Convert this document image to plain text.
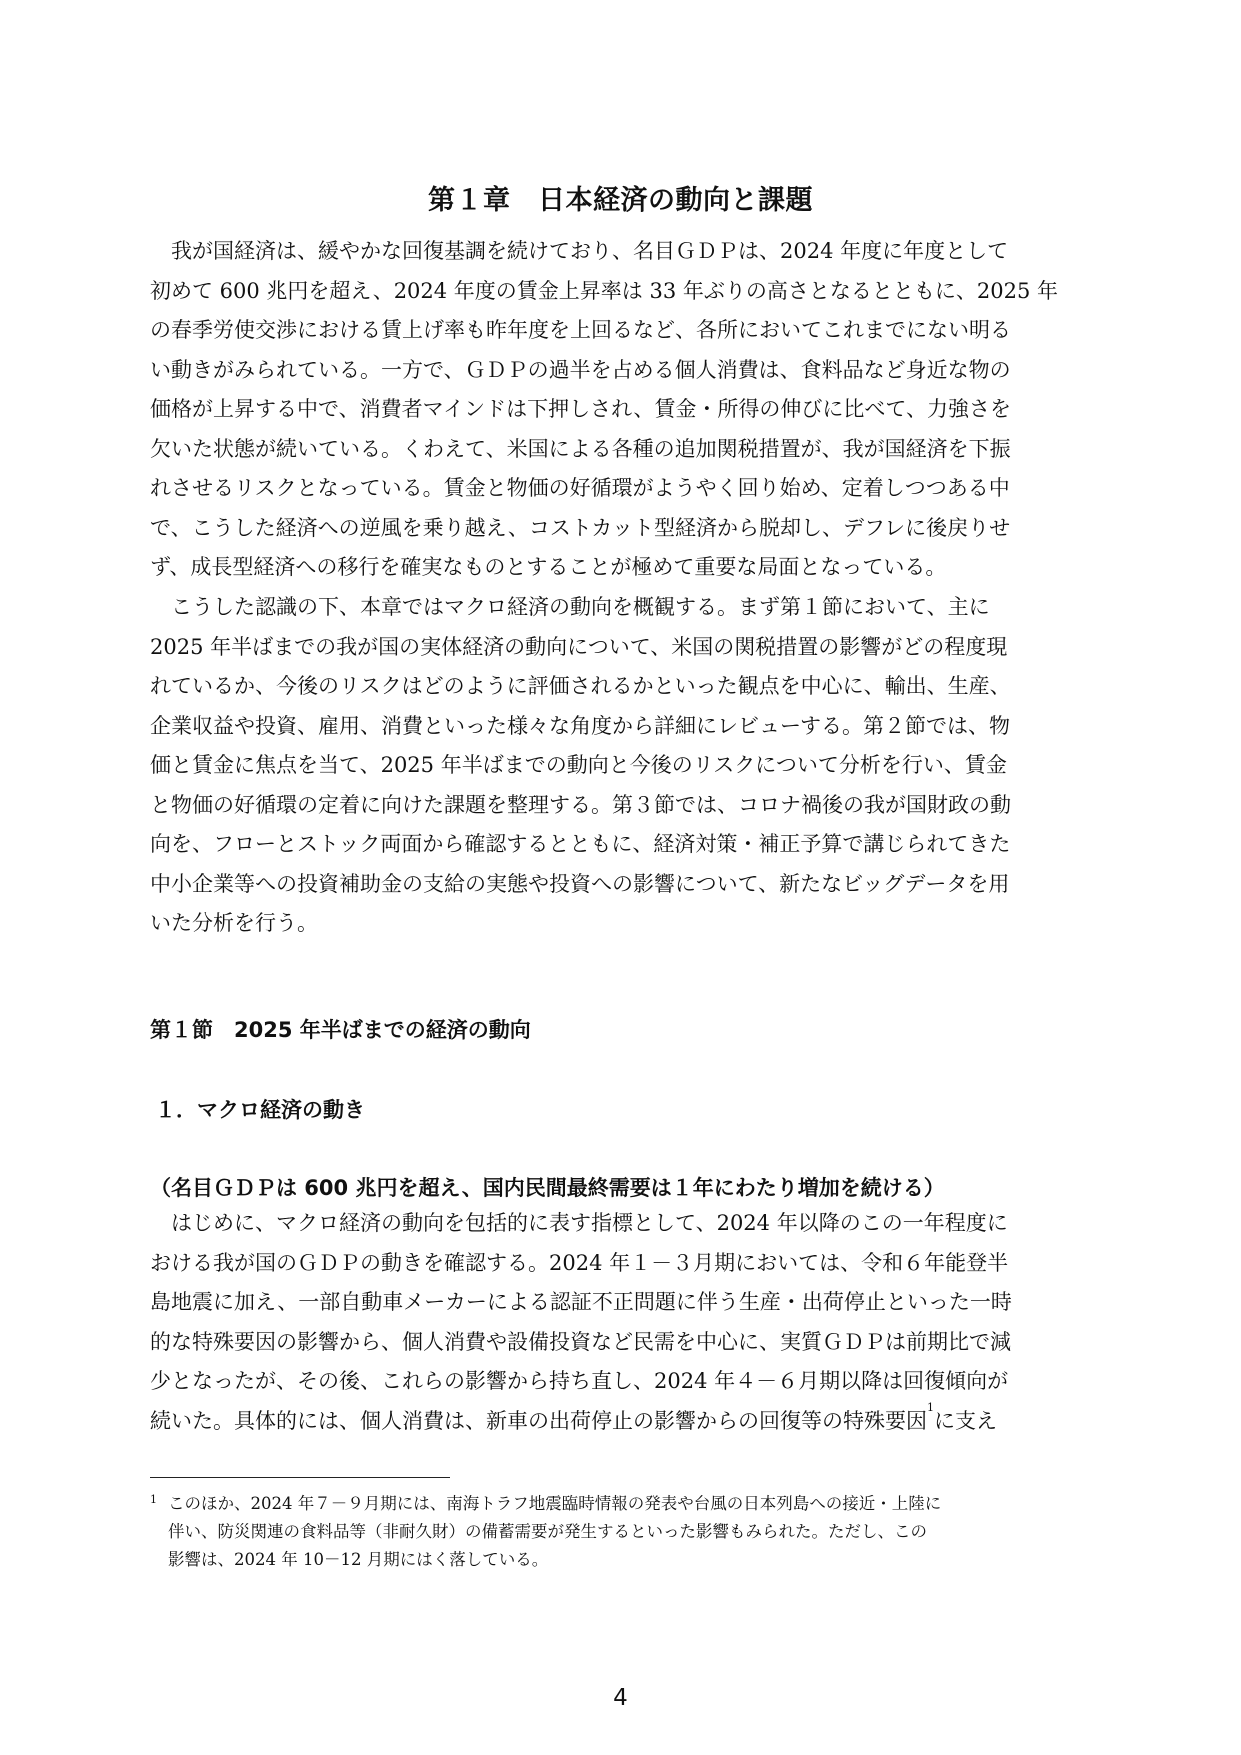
第１章　日本経済の動向と課題

　我が国経済は、緩やかな回復基調を続けており、名目ＧＤＰは、2024 年度に年度として
初めて 600 兆円を超え、2024 年度の賃金上昇率は 33 年ぶりの高さとなるとともに、2025 年
の春季労使交渉における賃上げ率も昨年度を上回るなど、各所においてこれまでにない明る
い動きがみられている。一方で、ＧＤＰの過半を占める個人消費は、食料品など身近な物の
価格が上昇する中で、消費者マインドは下押しされ、賃金・所得の伸びに比べて、力強さを
欠いた状態が続いている。くわえて、米国による各種の追加関税措置が、我が国経済を下振
れさせるリスクとなっている。賃金と物価の好循環がようやく回り始め、定着しつつある中
で、こうした経済への逆風を乗り越え、コストカット型経済から脱却し、デフレに後戻りせ
ず、成長型経済への移行を確実なものとすることが極めて重要な局面となっている。

　こうした認識の下、本章ではマクロ経済の動向を概観する。まず第１節において、主に
2025 年半ばまでの我が国の実体経済の動向について、米国の関税措置の影響がどの程度現
れているか、今後のリスクはどのように評価されるかといった観点を中心に、輸出、生産、
企業収益や投資、雇用、消費といった様々な角度から詳細にレビューする。第２節では、物
価と賃金に焦点を当て、2025 年半ばまでの動向と今後のリスクについて分析を行い、賃金
と物価の好循環の定着に向けた課題を整理する。第３節では、コロナ禍後の我が国財政の動
向を、フローとストック両面から確認するとともに、経済対策・補正予算で講じられてきた
中小企業等への投資補助金の支給の実態や投資への影響について、新たなビッグデータを用
いた分析を行う。

第１節　2025 年半ばまでの経済の動向
１．マクロ経済の動き
（名目ＧＤＰは 600 兆円を超え、国内民間最終需要は１年にわたり増加を続ける）

　はじめに、マクロ経済の動向を包括的に表す指標として、2024 年以降のこの一年程度に
おける我が国のＧＤＰの動きを確認する。2024 年１－３月期においては、令和６年能登半
島地震に加え、一部自動車メーカーによる認証不正問題に伴う生産・出荷停止といった一時
的な特殊要因の影響から、個人消費や設備投資など民需を中心に、実質ＧＤＰは前期比で減
少となったが、その後、これらの影響から持ち直し、2024 年４－６月期以降は回復傾向が
続いた。具体的には、個人消費は、新車の出荷停止の影響からの回復等の特殊要因$^1$に支え

1 このほか、2024 年７－９月期には、南海トラフ地震臨時情報の発表や台風の日本列島への接近・上陸に
伴い、防災関連の食料品等（非耐久財）の備蓄需要が発生するといった影響もみられた。ただし、この
影響は、2024 年 10－12 月期にはく落している。
4
